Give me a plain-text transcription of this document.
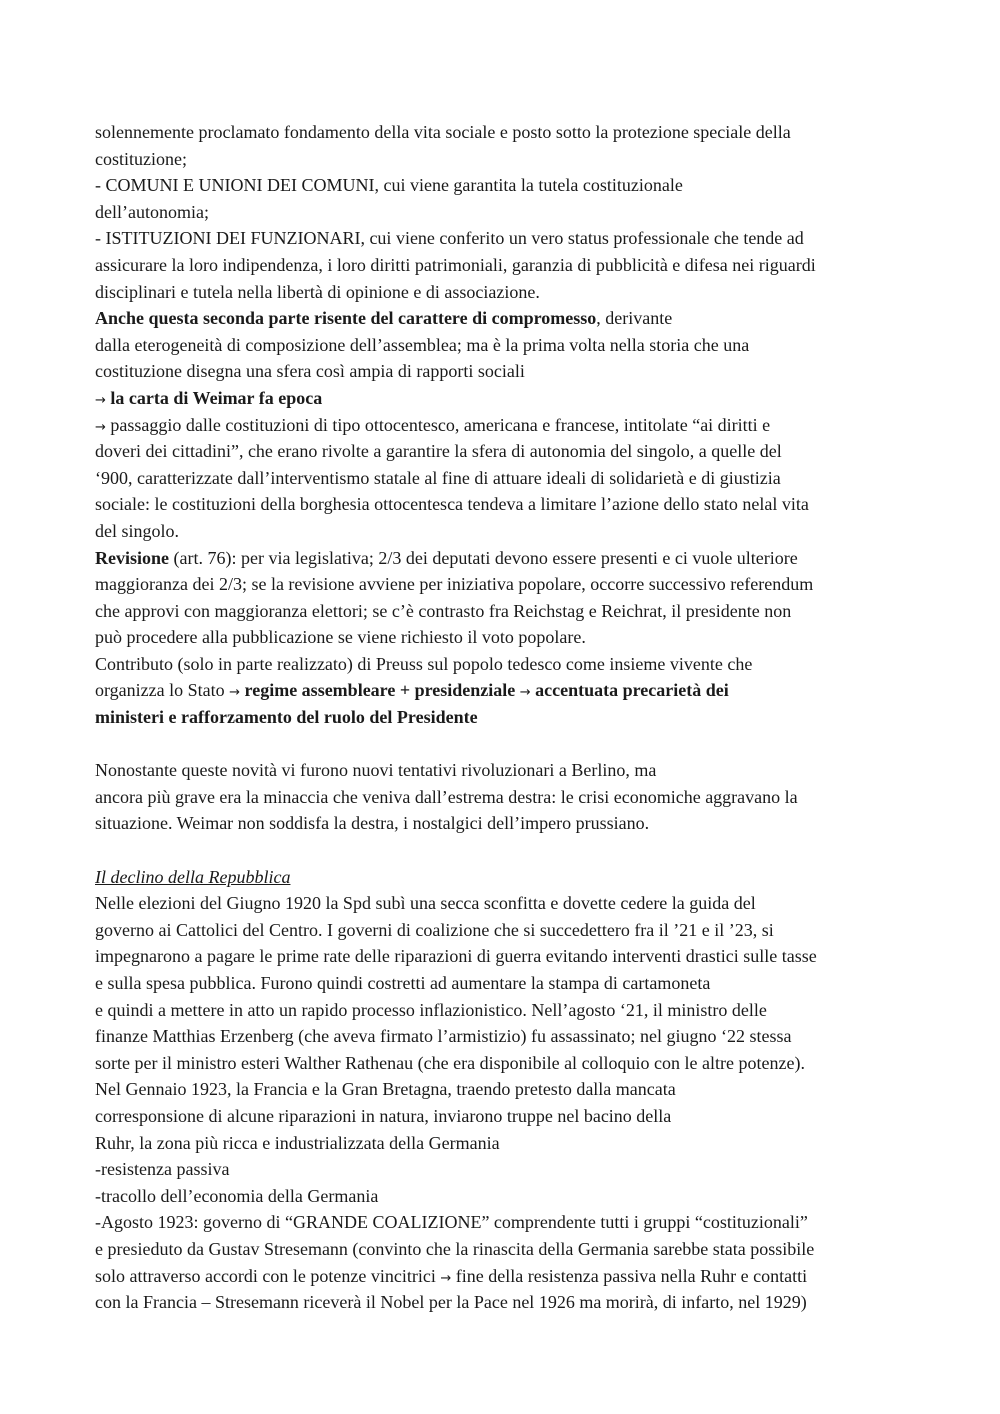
solennemente proclamato fondamento della vita sociale e posto sotto la protezione speciale della
costituzione;
- COMUNI E UNIONI DEI COMUNI, cui viene garantita la tutela costituzionale
dell’autonomia;
- ISTITUZIONI DEI FUNZIONARI, cui viene conferito un vero status professionale che tende ad
assicurare la loro indipendenza, i loro diritti patrimoniali, garanzia di pubblicità e difesa nei riguardi
disciplinari e tutela nella libertà di opinione e di associazione.
Anche questa seconda parte risente del carattere di compromesso, derivante
dalla eterogeneità di composizione dell’assemblea; ma è la prima volta nella storia che una
costituzione disegna una sfera così ampia di rapporti sociali
→ la carta di Weimar fa epoca
→ passaggio dalle costituzioni di tipo ottocentesco, americana e francese, intitolate “ai diritti e
doveri dei cittadini”, che erano rivolte a garantire la sfera di autonomia del singolo, a quelle del
‘900, caratterizzate dall’interventismo statale al fine di attuare ideali di solidarietà e di giustizia
sociale: le costituzioni della borghesia ottocentesca tendeva a limitare l’azione dello stato nelal vita
del singolo.
Revisione (art. 76): per via legislativa; 2/3 dei deputati devono essere presenti e ci vuole ulteriore
maggioranza dei 2/3; se la revisione avviene per iniziativa popolare, occorre successivo referendum
che approvi con maggioranza elettori; se c’è contrasto fra Reichstag e Reichrat, il presidente non
può procedere alla pubblicazione se viene richiesto il voto popolare.
Contributo (solo in parte realizzato) di Preuss sul popolo tedesco come insieme vivente che
organizza lo Stato → regime assembleare + presidenziale → accentuata precarietà dei
ministeri e rafforzamento del ruolo del Presidente
Nonostante queste novità vi furono nuovi tentativi rivoluzionari a Berlino, ma
ancora più grave era la minaccia che veniva dall’estrema destra: le crisi economiche aggravano la
situazione. Weimar non soddisfa la destra, i nostalgici dell’impero prussiano.
Il declino della Repubblica
Nelle elezioni del Giugno 1920 la Spd subì una secca sconfitta e dovette cedere la guida del
governo ai Cattolici del Centro. I governi di coalizione che si succedettero fra il ’21 e il ’23, si
impegnarono a pagare le prime rate delle riparazioni di guerra evitando interventi drastici sulle tasse
e sulla spesa pubblica. Furono quindi costretti ad aumentare la stampa di cartamoneta
e quindi a mettere in atto un rapido processo inflazionistico. Nell’agosto ‘21, il ministro delle
finanze Matthias Erzenberg (che aveva firmato l’armistizio) fu assassinato; nel giugno ‘22 stessa
sorte per il ministro esteri Walther Rathenau (che era disponibile al colloquio con le altre potenze).
Nel Gennaio 1923, la Francia e la Gran Bretagna, traendo pretesto dalla mancata
corresponsione di alcune riparazioni in natura, inviarono truppe nel bacino della
Ruhr, la zona più ricca e industrializzata della Germania
-resistenza passiva
-tracollo dell’economia della Germania
-Agosto 1923: governo di “GRANDE COALIZIONE” comprendente tutti i gruppi “costituzionali”
e presieduto da Gustav Stresemann (convinto che la rinascita della Germania sarebbe stata possibile
solo attraverso accordi con le potenze vincitrici → fine della resistenza passiva nella Ruhr e contatti
con la Francia – Stresemann riceverà il Nobel per la Pace nel 1926 ma morirà, di infarto, nel 1929)
